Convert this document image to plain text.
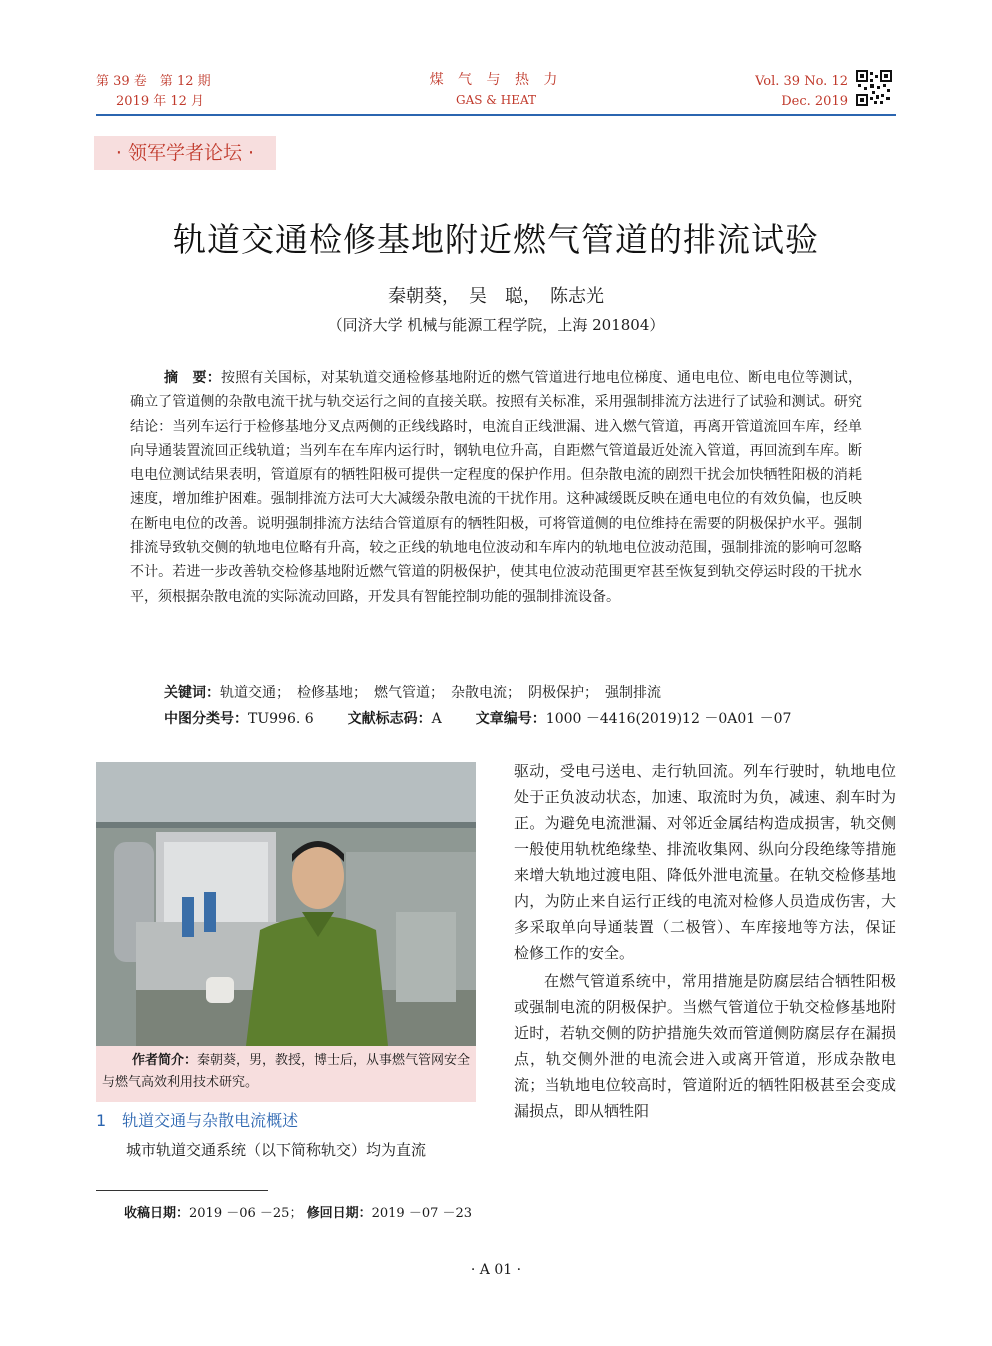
第 39 卷　第 12 期
2019 年 12 月
煤 气 与 热 力
GAS & HEAT
Vol. 39 No. 12
Dec. 2019
· 领军学者论坛 ·
轨道交通检修基地附近燃气管道的排流试验
秦朝葵，　吴　聪，　陈志光
（同济大学 机械与能源工程学院，上海 201804）
摘　要：按照有关国标，对某轨道交通检修基地附近的燃气管道进行地电位梯度、通电电位、断电电位等测试，确立了管道侧的杂散电流干扰与轨交运行之间的直接关联。按照有关标准，采用强制排流方法进行了试验和测试。研究结论：当列车运行于检修基地分叉点两侧的正线线路时，电流自正线泄漏、进入燃气管道，再离开管道流回车库，经单向导通装置流回正线轨道；当列车在车库内运行时，钢轨电位升高，自距燃气管道最近处流入管道，再回流到车库。断电电位测试结果表明，管道原有的牺牲阳极可提供一定程度的保护作用。但杂散电流的剧烈干扰会加快牺牲阳极的消耗速度，增加维护困难。强制排流方法可大大减缓杂散电流的干扰作用。这种减缓既反映在通电电位的有效负偏，也反映在断电电位的改善。说明强制排流方法结合管道原有的牺牲阳极，可将管道侧的电位维持在需要的阴极保护水平。强制排流导致轨交侧的轨地电位略有升高，较之正线的轨地电位波动和车库内的轨地电位波动范围，强制排流的影响可忽略不计。若进一步改善轨交检修基地附近燃气管道的阴极保护，使其电位波动范围更窄甚至恢复到轨交停运时段的干扰水平，须根据杂散电流的实际流动回路，开发具有智能控制功能的强制排流设备。
关键词：轨道交通；　检修基地；　燃气管道；　杂散电流；　阴极保护；　强制排流
中图分类号：TU996. 6 文献标志码：A 文章编号：1000 －4416(2019)12 －0A01 －07
作者简介：秦朝葵，男，教授，博士后，从事燃气管网安全与燃气高效利用技术研究。
1　轨道交通与杂散电流概述
城市轨道交通系统（以下简称轨交）均为直流

驱动，受电弓送电、走行轨回流。列车行驶时，轨地电位处于正负波动状态，加速、取流时为负，减速、刹车时为正。为避免电流泄漏、对邻近金属结构造成损害，轨交侧一般使用轨枕绝缘垫、排流收集网、纵向分段绝缘等措施来增大轨地过渡电阻、降低外泄电流量。在轨交检修基地内，为防止来自运行正线的电流对检修人员造成伤害，大多采取单向导通装置（二极管）、车库接地等方法，保证检修工作的安全。

在燃气管道系统中，常用措施是防腐层结合牺牲阳极或强制电流的阴极保护。当燃气管道位于轨交检修基地附近时，若轨交侧的防护措施失效而管道侧防腐层存在漏损点，轨交侧外泄的电流会进入或离开管道，形成杂散电流；当轨地电位较高时，管道附近的牺牲阳极甚至会变成漏损点，即从牺牲阳

收稿日期：2019 －06 －25； 修回日期：2019 －07 －23
· A 01 ·
